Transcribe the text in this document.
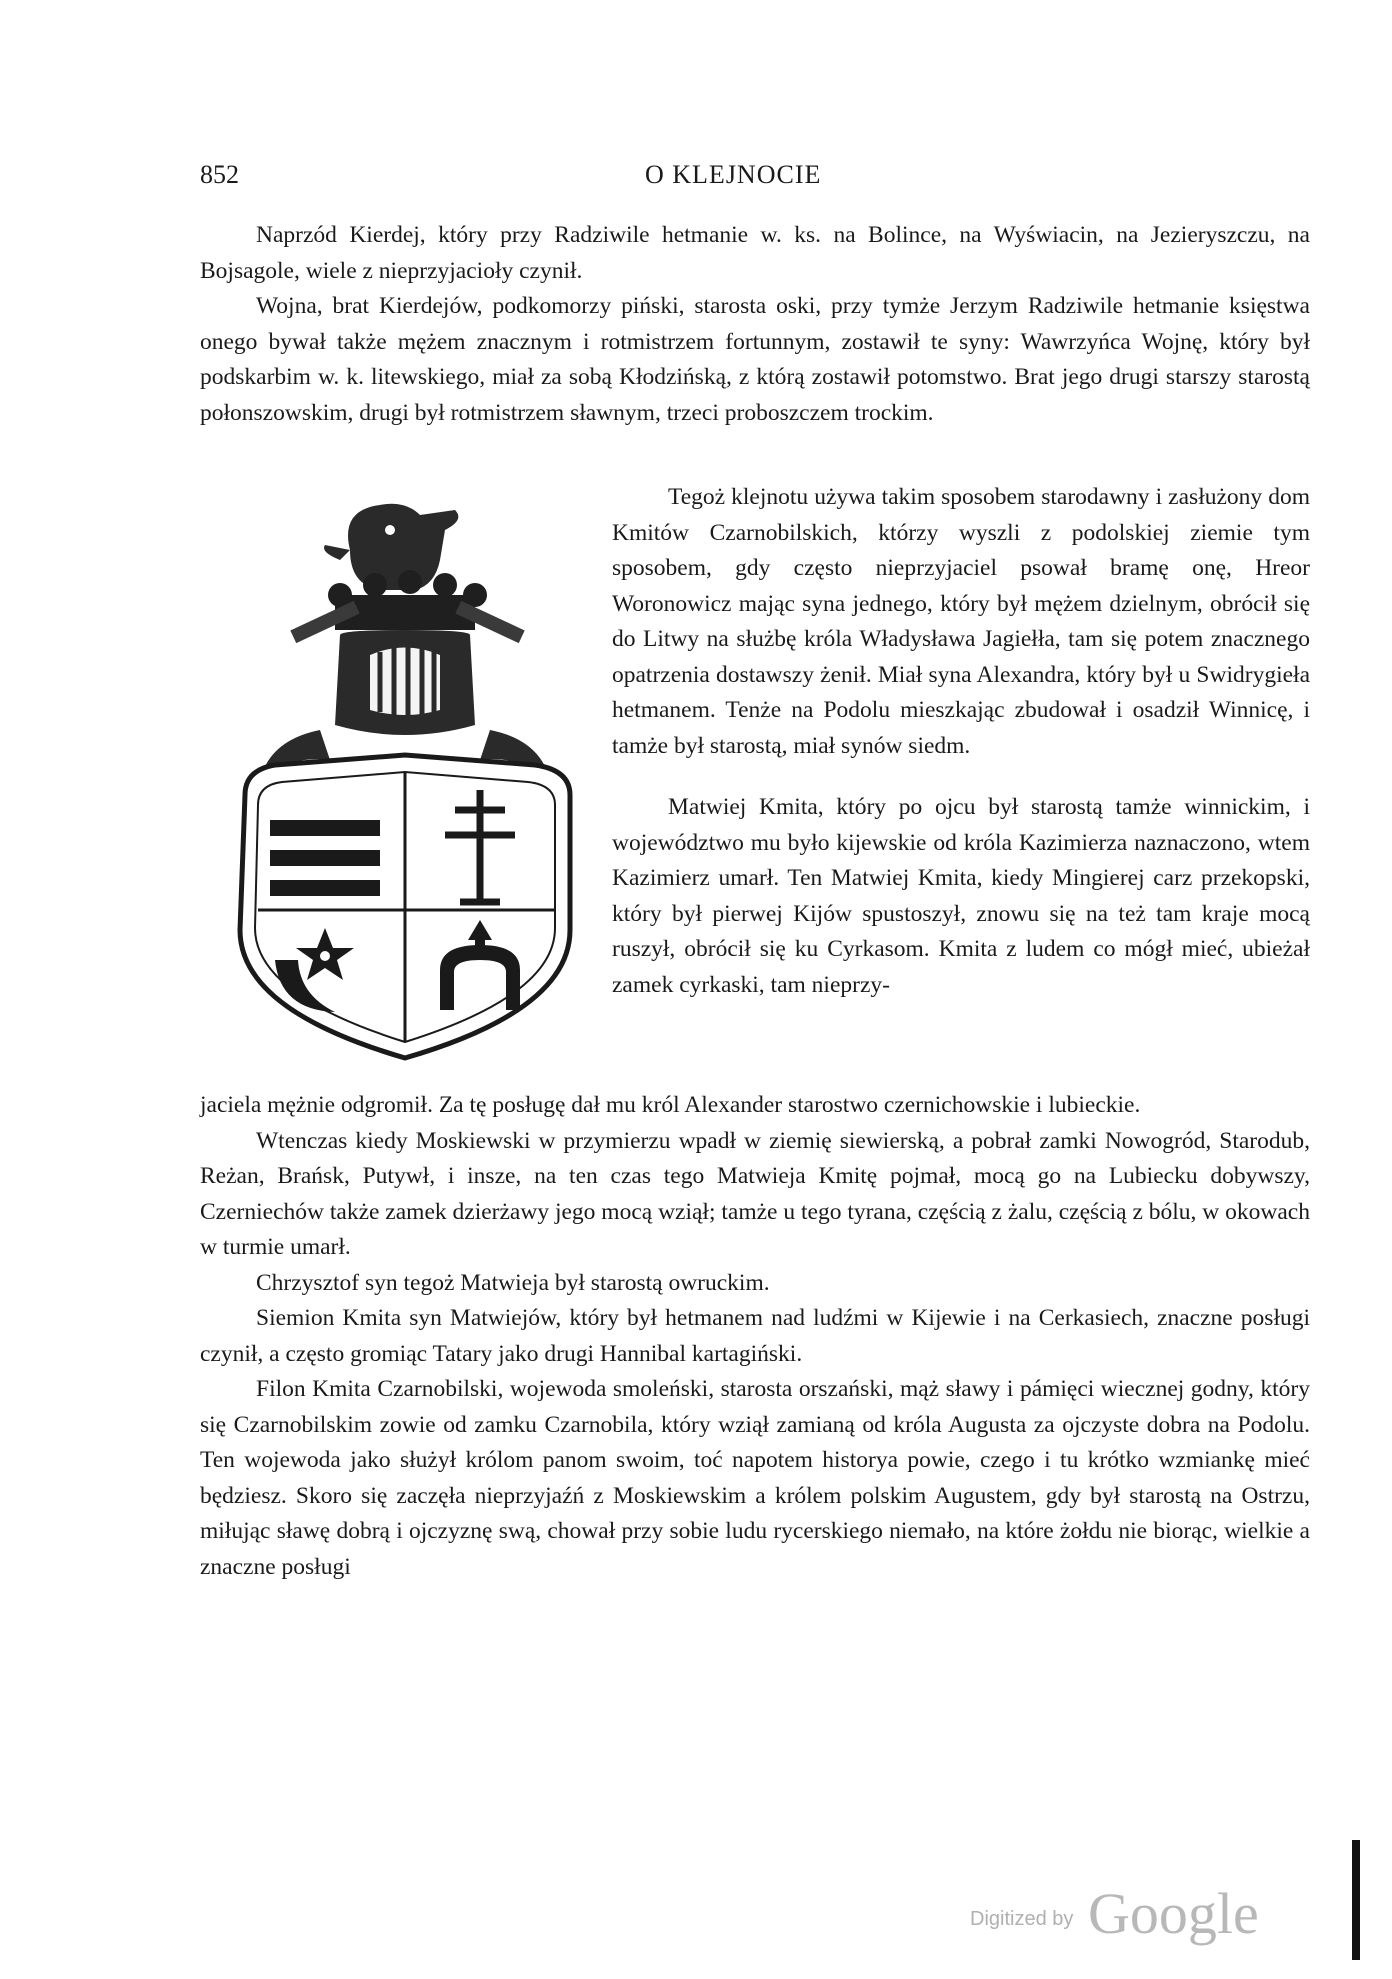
852	O KLEJNOCIE

Naprzód Kierdej, który przy Radziwile hetmanie w. ks. na Bolince, na Wyświacin, na Jezieryszczu, na Bojsagole, wiele z nieprzyjacioły czynił.

Wojna, brat Kierdejów, podkomorzy piński, starosta oski, przy tymże Jerzym Radziwile hetmanie księstwa onego bywał także mężem znacznym i rotmistrzem fortunnym, zostawił te syny: Wawrzyńca Wojnę, który był podskarbim w. k. litewskiego, miał za sobą Kłodzińską, z którą zostawił potomstwo. Brat jego drugi starszy starostą połonszowskim, drugi był rotmistrzem sławnym, trzeci proboszczem trockim.

Tegoż klejnotu używa takim sposobem starodawny i zasłużony dom Kmitów Czarnobilskich, którzy wyszli z podolskiej ziemie tym sposobem, gdy często nieprzyjaciel psował bramę onę, Hreor Woronowicz mając syna jednego, który był mężem dzielnym, obrócił się do Litwy na służbę króla Władysława Jagiełła, tam się potem znacznego opatrzenia dostawszy żenił. Miał syna Alexandra, który był u Swidrygieła hetmanem. Tenże na Podolu mieszkając zbudował i osadził Winnicę, i tamże był starostą, miał synów siedm.

Matwiej Kmita, który po ojcu był starostą tamże winnickim, i województwo mu było kijewskie od króla Kazimierza naznaczono, wtem Kazimierz umarł. Ten Matwiej Kmita, kiedy Mingierej carz przekopski, który był pierwej Kijów spustoszył, znowu się na też tam kraje mocą ruszył, obrócił się ku Cyrkasom. Kmita z ludem co mógł mieć, ubieżał zamek cyrkaski, tam nieprzy-

jaciela mężnie odgromił. Za tę posługę dał mu król Alexander starostwo czernichowskie i lubieckie.

Wtenczas kiedy Moskiewski w przymierzu wpadł w ziemię siewierską, a pobrał zamki Nowogród, Starodub, Reżan, Brańsk, Putywł, i insze, na ten czas tego Matwieja Kmitę pojmał, mocą go na Lubiecku dobywszy, Czerniechów także zamek dzierżawy jego mocą wziął; tamże u tego tyrana, częścią z żalu, częścią z bólu, w okowach w turmie umarł.

Chrzysztof syn tegoż Matwieja był starostą owruckim.

Siemion Kmita syn Matwiejów, który był hetmanem nad ludźmi w Kijewie i na Cerkasiech, znaczne posługi czynił, a często gromiąc Tatary jako drugi Hannibal kartagiński.

Filon Kmita Czarnobilski, wojewoda smoleński, starosta orszański, mąż sławy i pámięci wiecznej godny, który się Czarnobilskim zowie od zamku Czarnobila, który wziął zamianą od króla Augusta za ojczyste dobra na Podolu. Ten wojewoda jako służył królom panom swoim, toć napotem historya powie, czego i tu krótko wzmiankę mieć będziesz. Skoro się zaczęła nieprzyjaźń z Moskiewskim a królem polskim Augustem, gdy był starostą na Ostrzu, miłując sławę dobrą i ojczyznę swą, chował przy sobie ludu rycerskiego niemało, na które żołdu nie biorąc, wielkie a znaczne posługi

Digitized by Google
